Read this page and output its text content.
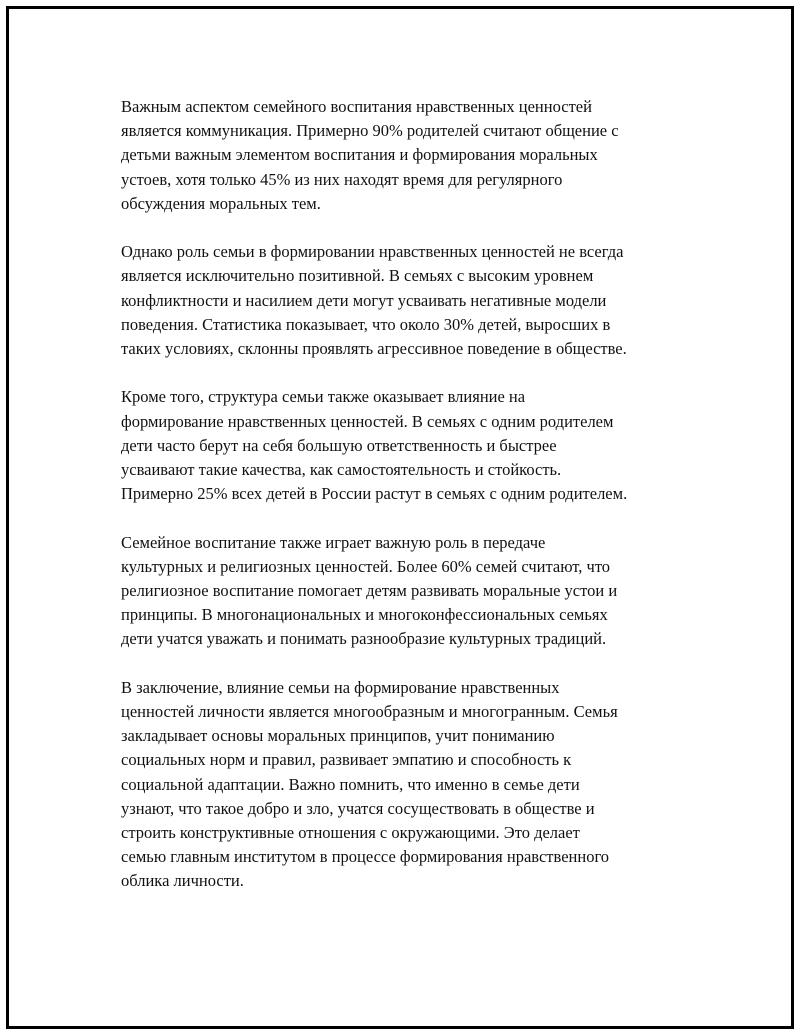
Важным аспектом семейного воспитания нравственных ценностей
является коммуникация. Примерно 90% родителей считают общение с
детьми важным элементом воспитания и формирования моральных
устоев, хотя только 45% из них находят время для регулярного
обсуждения моральных тем.

Однако роль семьи в формировании нравственных ценностей не всегда
является исключительно позитивной. В семьях с высоким уровнем
конфликтности и насилием дети могут усваивать негативные модели
поведения. Статистика показывает, что около 30% детей, выросших в
таких условиях, склонны проявлять агрессивное поведение в обществе.

Кроме того, структура семьи также оказывает влияние на
формирование нравственных ценностей. В семьях с одним родителем
дети часто берут на себя большую ответственность и быстрее
усваивают такие качества, как самостоятельность и стойкость.
Примерно 25% всех детей в России растут в семьях с одним родителем.

Семейное воспитание также играет важную роль в передаче
культурных и религиозных ценностей. Более 60% семей считают, что
религиозное воспитание помогает детям развивать моральные устои и
принципы. В многонациональных и многоконфессиональных семьях
дети учатся уважать и понимать разнообразие культурных традиций.

В заключение, влияние семьи на формирование нравственных
ценностей личности является многообразным и многогранным. Семья
закладывает основы моральных принципов, учит пониманию
социальных норм и правил, развивает эмпатию и способность к
социальной адаптации. Важно помнить, что именно в семье дети
узнают, что такое добро и зло, учатся сосуществовать в обществе и
строить конструктивные отношения с окружающими. Это делает
семью главным институтом в процессе формирования нравственного
облика личности.
